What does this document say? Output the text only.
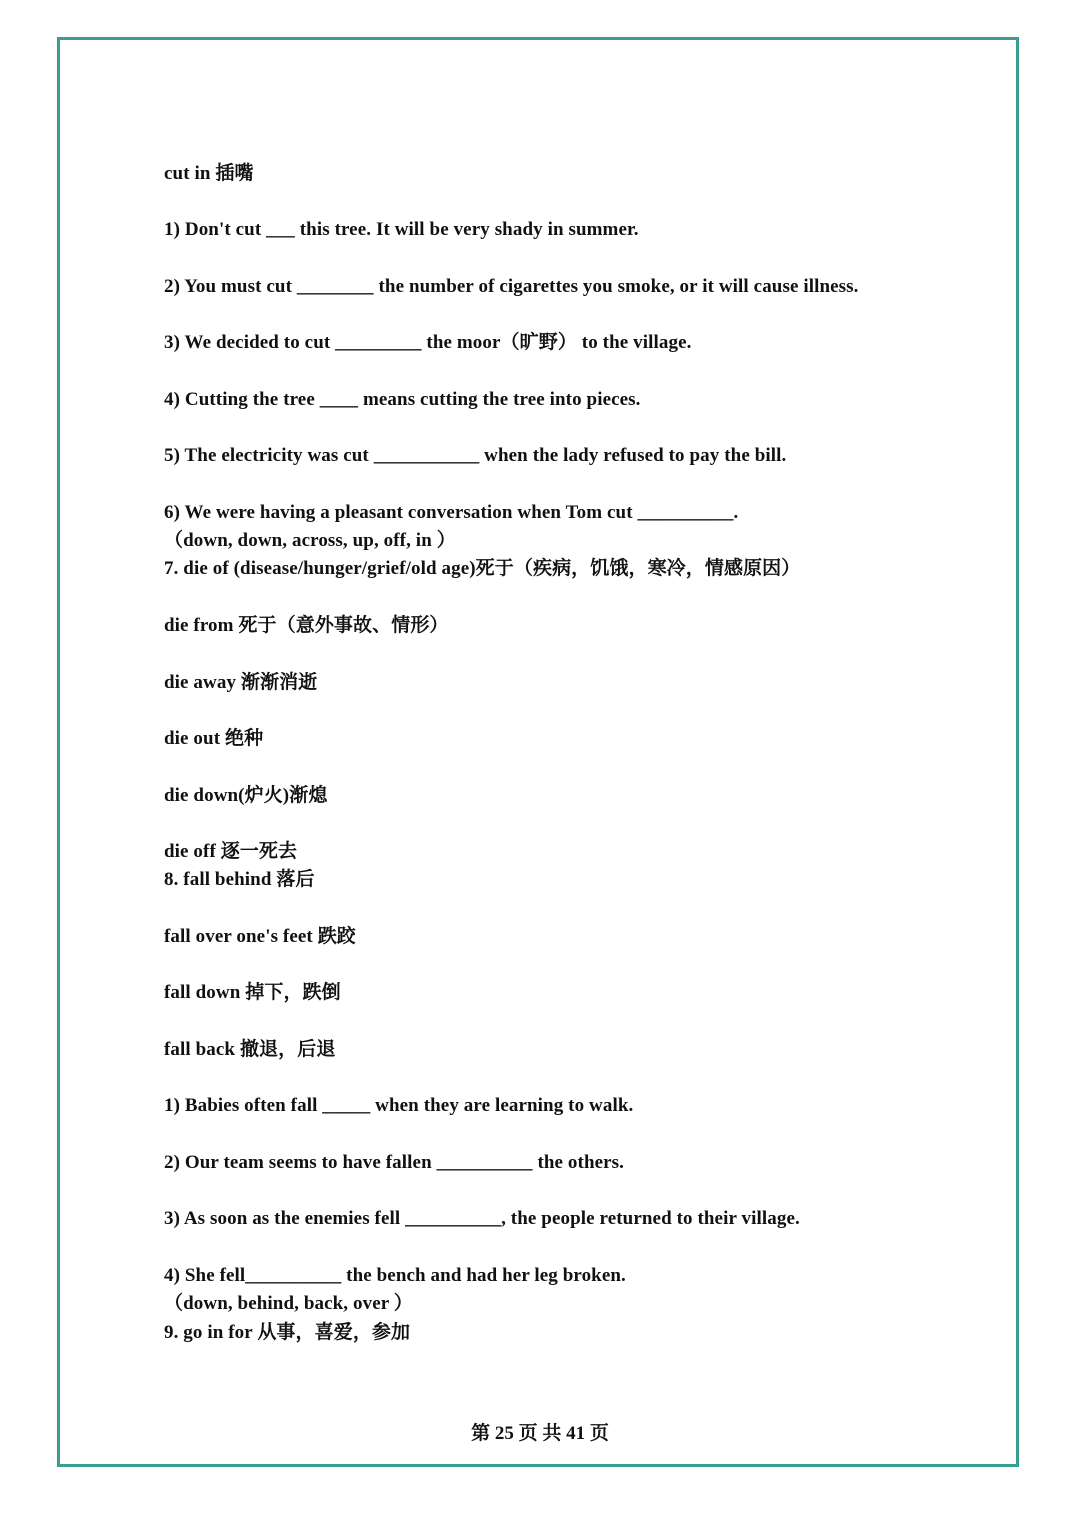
cut in 插嘴
1) Don't cut ___ this tree. It will be very shady in summer.
2) You must cut ________ the number of cigarettes you smoke, or it will cause illness.
3) We decided to cut _________ the moor（旷野） to the village.
4) Cutting the tree ____ means cutting the tree into pieces.
5) The electricity was cut ___________ when the lady refused to pay the bill.
6) We were having a pleasant conversation when Tom cut __________.
（down, down, across, up, off, in ）
7. die of (disease/hunger/grief/old age)死于（疾病，饥饿，寒冷，情感原因）
die from 死于（意外事故、情形）
die away 渐渐消逝
die out 绝种
die down(炉火)渐熄
die off 逐一死去
8. fall behind 落后
fall over one's feet 跌跤
fall down 掉下，跌倒
fall back 撤退，后退
1) Babies often fall _____ when they are learning to walk.
2) Our team seems to have fallen __________ the others.
3) As soon as the enemies fell __________, the people returned to their village.
4) She fell__________ the bench and had her leg broken.
（down, behind, back, over ）
9. go in for 从事，喜爱，参加
第 25 页 共 41 页
